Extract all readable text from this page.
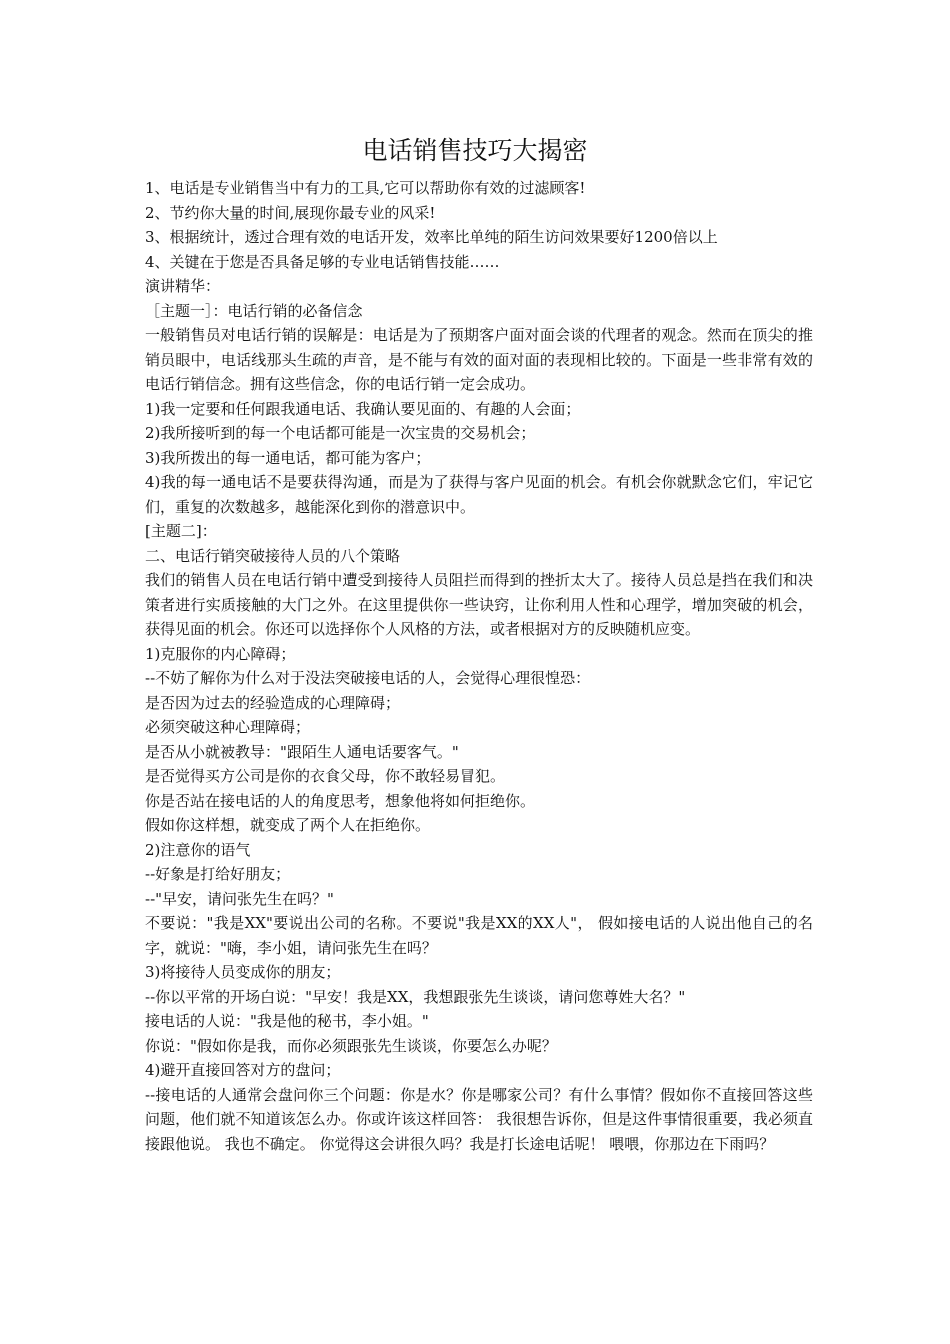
电话销售技巧大揭密

1、电话是专业销售当中有力的工具,它可以帮助你有效的过滤顾客!

2、节约你大量的时间,展现你最专业的风采!

3、根据统计，透过合理有效的电话开发，效率比单纯的陌生访问效果要好1200倍以上

4、关键在于您是否具备足够的专业电话销售技能……

演讲精华：

［主题一］：电话行销的必备信念

一般销售员对电话行销的误解是：电话是为了预期客户面对面会谈的代理者的观念。然而在顶尖的推销员眼中，电话线那头生疏的声音，是不能与有效的面对面的表现相比较的。下面是一些非常有效的电话行销信念。拥有这些信念，你的电话行销一定会成功。

1)我一定要和任何跟我通电话、我确认要见面的、有趣的人会面；

2)我所接听到的每一个电话都可能是一次宝贵的交易机会；

3)我所拨出的每一通电话，都可能为客户；

4)我的每一通电话不是要获得沟通，而是为了获得与客户见面的机会。有机会你就默念它们，牢记它们，重复的次数越多，越能深化到你的潜意识中。

[主题二]：

二、电话行销突破接待人员的八个策略

我们的销售人员在电话行销中遭受到接待人员阻拦而得到的挫折太大了。接待人员总是挡在我们和决策者进行实质接触的大门之外。在这里提供你一些诀窍，让你利用人性和心理学，增加突破的机会，获得见面的机会。你还可以选择你个人风格的方法，或者根据对方的反映随机应变。

1)克服你的内心障碍；

--不妨了解你为什么对于没法突破接电话的人，会觉得心理很惶恐：

是否因为过去的经验造成的心理障碍；

必须突破这种心理障碍；

是否从小就被教导："跟陌生人通电话要客气。"

是否觉得买方公司是你的衣食父母，你不敢轻易冒犯。

你是否站在接电话的人的角度思考，想象他将如何拒绝你。

假如你这样想，就变成了两个人在拒绝你。

2)注意你的语气

--好象是打给好朋友；

--"早安，请问张先生在吗？"

不要说："我是XX"要说出公司的名称。不要说"我是XX的XX人"， 假如接电话的人说出他自己的名字，就说："嗨，李小姐，请问张先生在吗？

3)将接待人员变成你的朋友；

--你以平常的开场白说："早安！我是XX，我想跟张先生谈谈，请问您尊姓大名？"

接电话的人说："我是他的秘书，李小姐。"

你说："假如你是我，而你必须跟张先生谈谈，你要怎么办呢？

4)避开直接回答对方的盘问；

--接电话的人通常会盘问你三个问题：你是水？你是哪家公司？有什么事情？假如你不直接回答这些问题，他们就不知道该怎么办。你或许该这样回答： 我很想告诉你，但是这件事情很重要，我必须直接跟他说。 我也不确定。 你觉得这会讲很久吗？我是打长途电话呢！ 喂喂，你那边在下雨吗？
